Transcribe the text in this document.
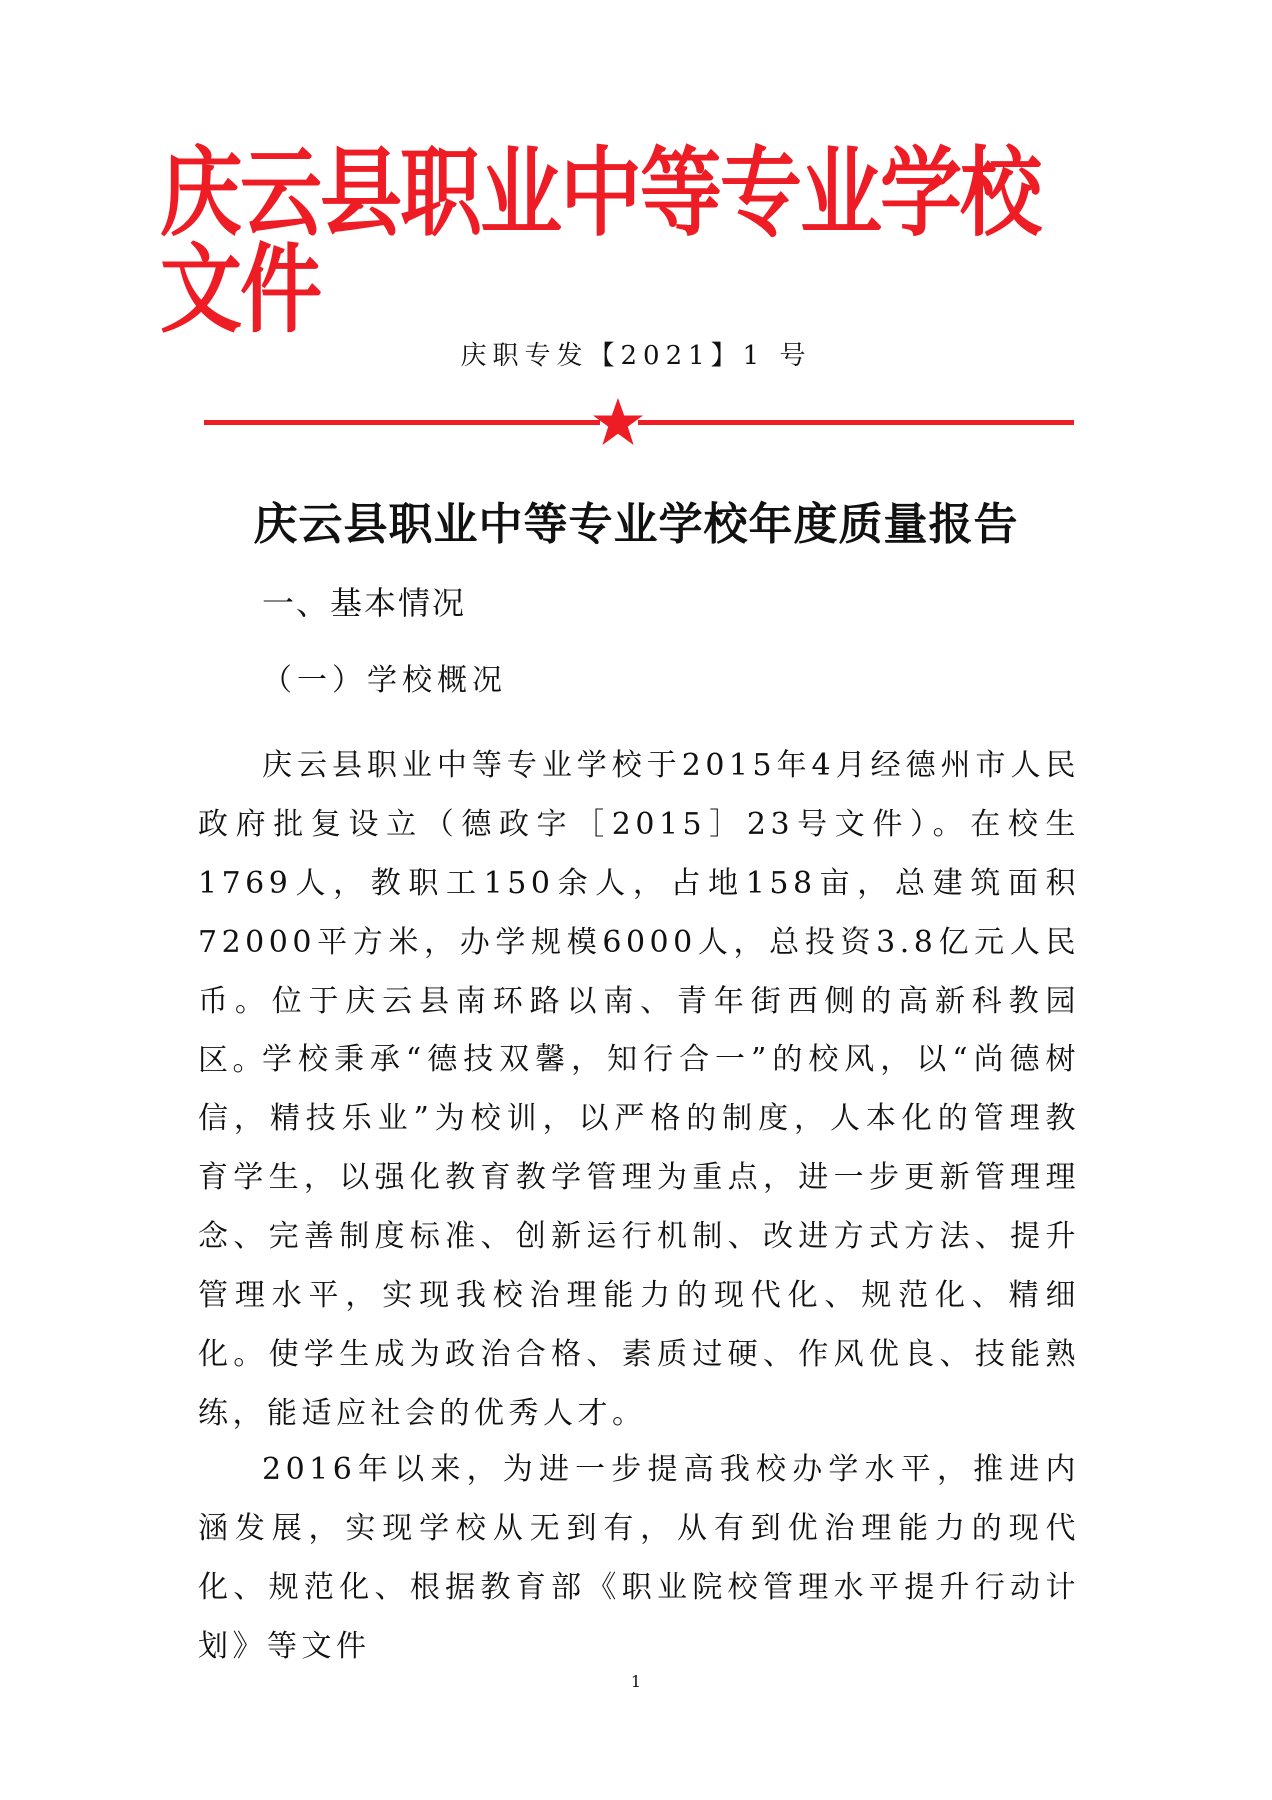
庆云县职业中等专业学校文件
庆职专发【2021】1 号
庆云县职业中等专业学校年度质量报告
一、基本情况
（一）学校概况

庆云县职业中等专业学校于2015年4月经德州市人民政府批复设立（德政字［2015］23号文件）。在校生1769人，教职工150余人，占地158亩，总建筑面积72000平方米，办学规模6000人，总投资3.8亿元人民币。位于庆云县南环路以南、青年街西侧的高新科教园区。

学校秉承“德技双馨，知行合一”的校风，以“尚德树信，精技乐业”为校训，以严格的制度，人本化的管理教育学生，以强化教育教学管理为重点，进一步更新管理理念、完善制度标准、创新运行机制、改进方式方法、提升管理水平，实现我校治理能力的现代化、规范化、精细化。使学生成为政治合格、素质过硬、作风优良、技能熟练，能适应社会的优秀人才。

2016年以来，为进一步提高我校办学水平，推进内涵发展，实现学校从无到有，从有到优治理能力的现代化、规范化、根据教育部《职业院校管理水平提升行动计划》等文件

1
